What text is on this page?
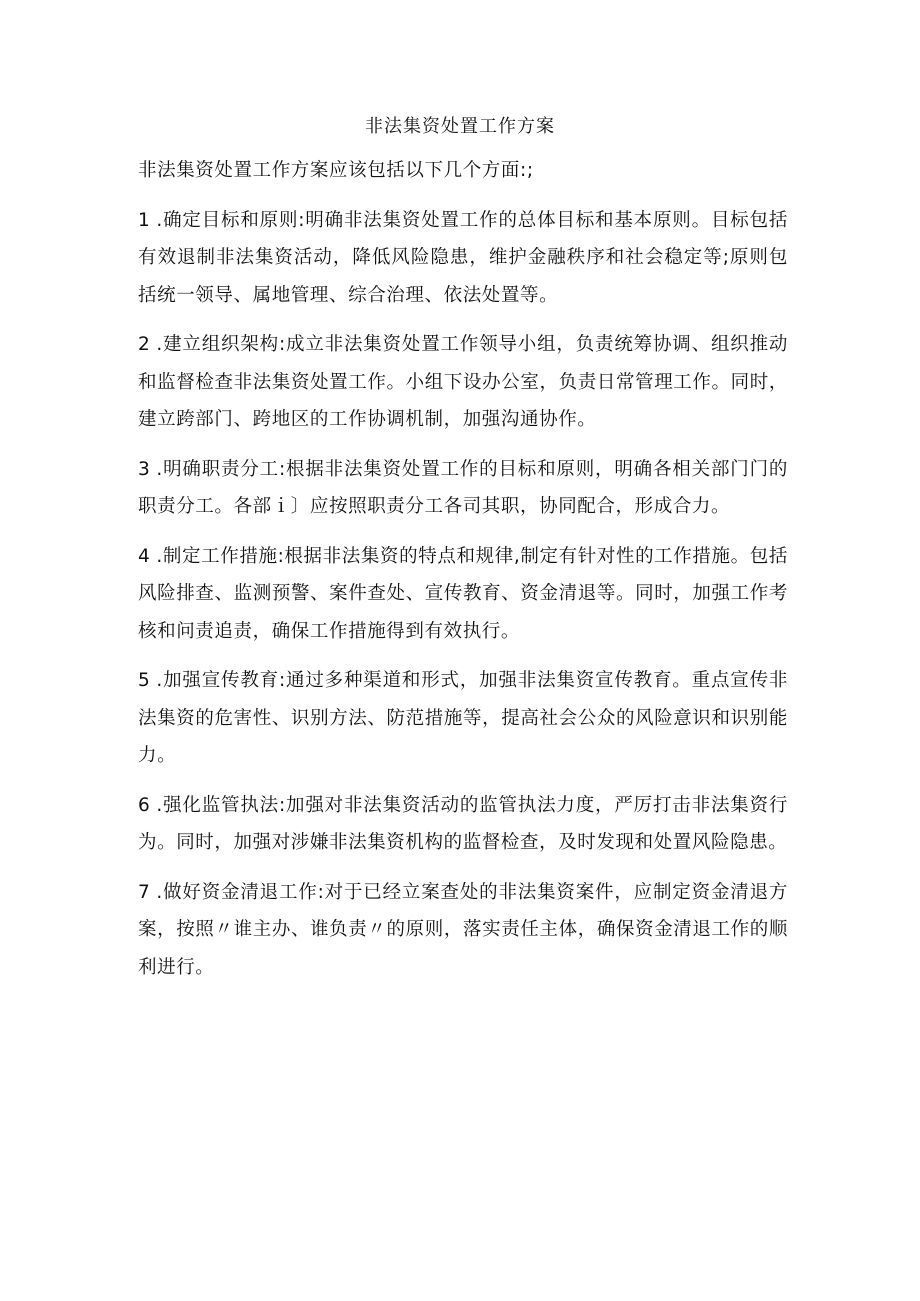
非法集资处置工作方案
非法集资处置工作方案应该包括以下几个方面:;
1 .确定目标和原则:明确非法集资处置工作的总体目标和基本原则。目标包括有效退制非法集资活动，降低风险隐患，维护金融秩序和社会稳定等;原则包括统一领导、属地管理、综合治理、依法处置等。
2 .建立组织架构:成立非法集资处置工作领导小组，负责统筹协调、组织推动和监督检查非法集资处置工作。小组下设办公室，负责日常管理工作。同时，建立跨部门、跨地区的工作协调机制，加强沟通协作。
3 .明确职责分工:根据非法集资处置工作的目标和原则，明确各相关部门门的职责分工。各部ｉ〕应按照职责分工各司其职，协同配合，形成合力。
4 .制定工作措施:根据非法集资的特点和规律,制定有针对性的工作措施。包括风险排查、监测预警、案件查处、宣传教育、资金清退等。同时，加强工作考核和问责追责，确保工作措施得到有效执行。
5 .加强宣传教育:通过多种渠道和形式，加强非法集资宣传教育。重点宣传非法集资的危害性、识别方法、防范措施等，提高社会公众的风险意识和识别能力。
6 .强化监管执法:加强对非法集资活动的监管执法力度，严厉打击非法集资行为。同时，加强对涉嫌非法集资机构的监督检查，及时发现和处置风险隐患。
7 .做好资金清退工作:对于已经立案查处的非法集资案件，应制定资金清退方案，按照〃谁主办、谁负责〃的原则，落实责任主体，确保资金清退工作的顺利进行。
